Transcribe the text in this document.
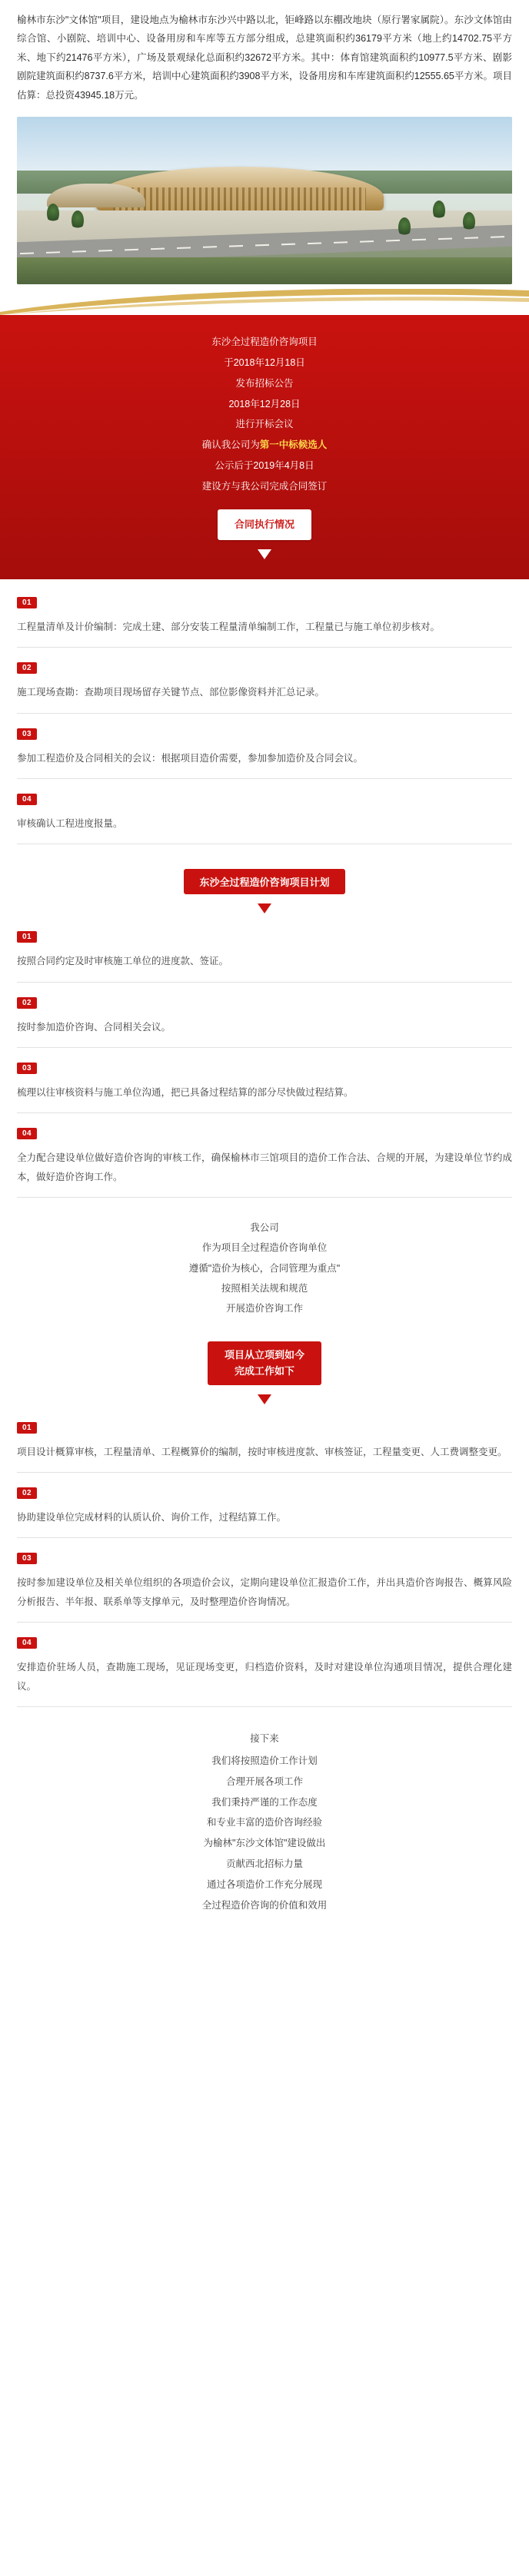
榆林市东沙"文体馆"项目，建设地点为榆林市东沙兴中路以北，钜峰路以东棚改地块（原行署家属院）。东沙文体馆由综合馆、小剧院、培训中心、设备用房和车库等五方部分组成，总建筑面积约36179平方米（地上约14702.75平方米、地下约21476平方米），广场及景观绿化总面积约32672平方米。其中：体育馆建筑面积约10977.5平方米、剧影剧院建筑面积约8737.6平方米，培训中心建筑面积约3908平方米，设备用房和车库建筑面积约12555.65平方米。项目估算：总投资43945.18万元。
东沙全过程造价咨询项目
于2018年12月18日
发布招标公告
2018年12月28日
进行开标会议
确认我公司为第一中标候选人
公示后于2019年4月8日
建设方与我公司完成合同签订
合同执行情况
01
工程量清单及计价编制：完成土建、部分安装工程量清单编制工作，工程量已与施工单位初步核对。
02
施工现场查勘：查勘项目现场留存关键节点、部位影像资料并汇总记录。
03
参加工程造价及合同相关的会议：根据项目造价需要，参加参加造价及合同会议。
04
审核确认工程进度报量。
东沙全过程造价咨询项目计划
01
按照合同约定及时审核施工单位的进度款、签证。
02
按时参加造价咨询、合同相关会议。
03
梳理以往审核资料与施工单位沟通，把已具备过程结算的部分尽快做过程结算。
04
全力配合建设单位做好造价咨询的审核工作，确保榆林市三馆项目的造价工作合法、合规的开展，为建设单位节约成本，做好造价咨询工作。
我公司
作为项目全过程造价咨询单位
遵循"造价为核心，合同管理为重点"
按照相关法规和规范
开展造价咨询工作
项目从立项到如今
完成工作如下
01
项目设计概算审核，工程量清单、工程概算价的编制，按时审核进度款、审核签证，工程量变更、人工费调整变更。
02
协助建设单位完成材料的认质认价、询价工作，过程结算工作。
03
按时参加建设单位及相关单位组织的各项造价会议，定期向建设单位汇报造价工作，并出具造价咨询报告、概算风险分析报告、半年报、联系单等支撑单元，及时整理造价咨询情况。
04
安排造价驻场人员，查勘施工现场，见证现场变更，归档造价资料，及时对建设单位沟通项目情况，提供合理化建议。
接下来
我们将按照造价工作计划
合理开展各项工作
我们秉持严谨的工作态度
和专业丰富的造价咨询经验
为榆林"东沙文体馆"建设做出
贡献西北招标力量
通过各项造价工作充分展现
全过程造价咨询的价值和效用
